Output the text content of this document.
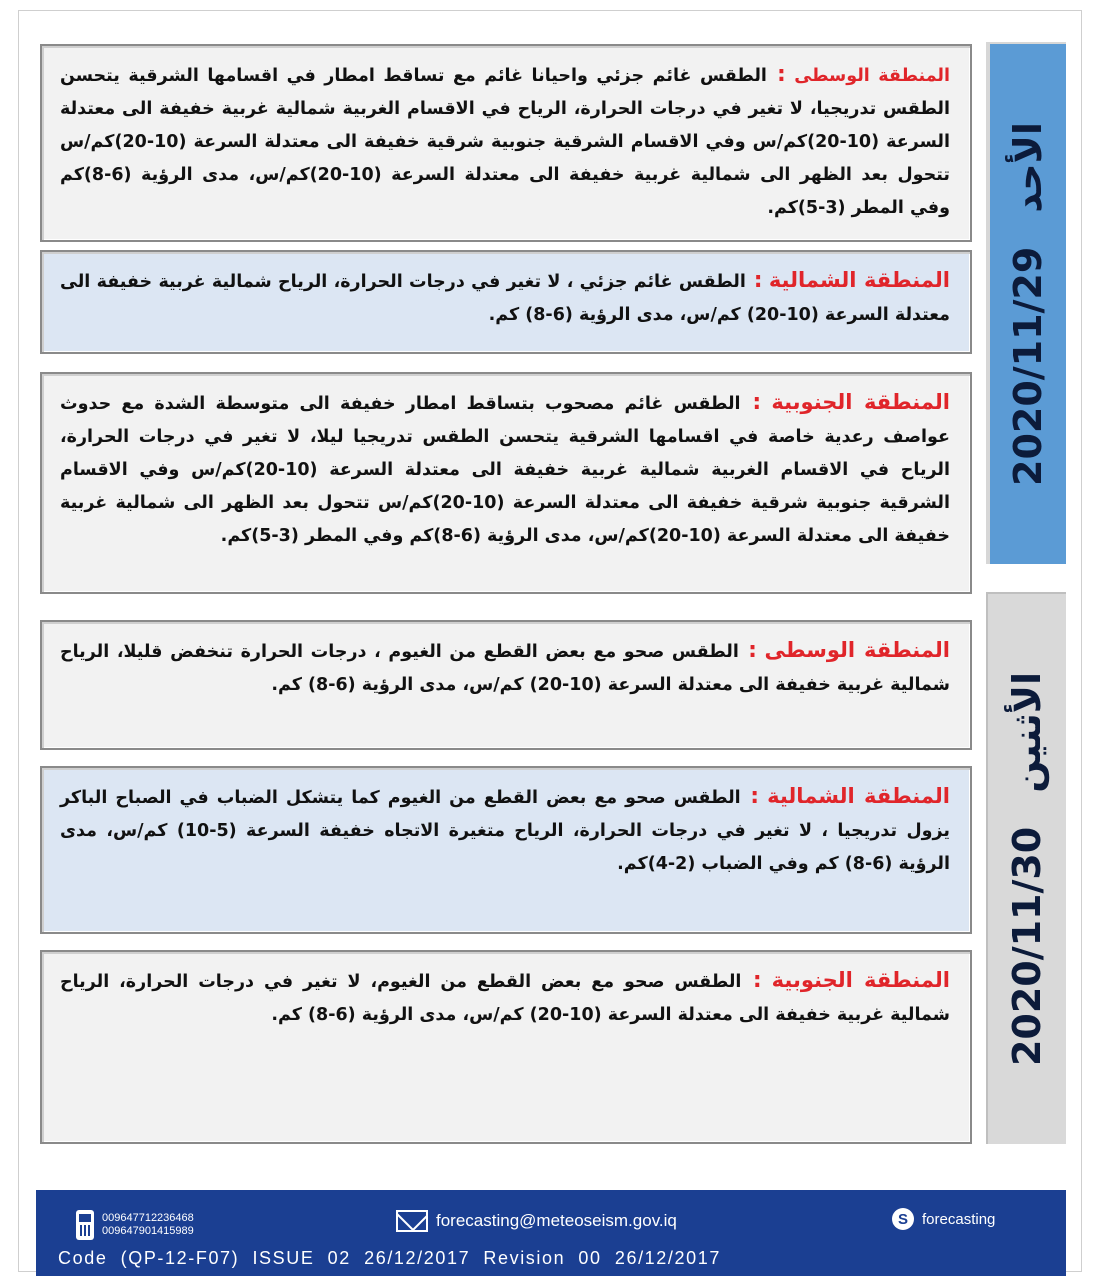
المنطقة الوسطى : الطقس غائم جزئي واحيانا غائم مع تساقط امطار في اقسامها الشرقية يتحسن الطقس تدريجيا، لا تغير في درجات الحرارة، الرياح في الاقسام الغربية شمالية غربية خفيفة الى معتدلة السرعة (10-20)كم/س وفي الاقسام الشرقية جنوبية شرقية خفيفة الى معتدلة السرعة (10-20)كم/س تتحول بعد الظهر الى شمالية غربية خفيفة الى معتدلة السرعة (10-20)كم/س، مدى الرؤية (6-8)كم وفي المطر (3-5)كم.
المنطقة الشمالية : الطقس غائم جزئي ، لا تغير في درجات الحرارة، الرياح شمالية غربية خفيفة الى معتدلة السرعة (10-20) كم/س، مدى الرؤية (6-8) كم.
المنطقة الجنوبية : الطقس غائم مصحوب بتساقط امطار خفيفة الى متوسطة الشدة مع حدوث عواصف رعدية خاصة في اقسامها الشرقية يتحسن الطقس تدريجيا ليلا، لا تغير في درجات الحرارة، الرياح في الاقسام الغربية شمالية غربية خفيفة الى معتدلة السرعة (10-20)كم/س وفي الاقسام الشرقية جنوبية شرقية خفيفة الى معتدلة السرعة (10-20)كم/س تتحول بعد الظهر الى شمالية غربية خفيفة الى معتدلة السرعة (10-20)كم/س، مدى الرؤية (6-8)كم وفي المطر (3-5)كم.
2020/11/29
الأحد
المنطقة الوسطى : الطقس صحو مع بعض القطع من الغيوم ، درجات الحرارة تنخفض قليلا، الرياح شمالية غربية خفيفة الى معتدلة السرعة (10-20) كم/س، مدى الرؤية (6-8) كم.
المنطقة الشمالية : الطقس صحو مع بعض القطع من الغيوم كما يتشكل الضباب في الصباح الباكر يزول تدريجيا ، لا تغير في درجات الحرارة، الرياح متغيرة الاتجاه خفيفة السرعة (5-10) كم/س، مدى الرؤية (6-8) كم وفي الضباب (2-4)كم.
المنطقة الجنوبية : الطقس صحو مع بعض القطع من الغيوم، لا تغير في درجات الحرارة، الرياح شمالية غربية خفيفة الى معتدلة السرعة (10-20) كم/س، مدى الرؤية (6-8) كم.	2020/11/30
الأثنين
009647712236468
009647901415989
forecasting@meteoseism.gov.iq	S forecasting
Code  (QP-12-F07)  ISSUE  02  26/12/2017  Revision  00  26/12/2017
